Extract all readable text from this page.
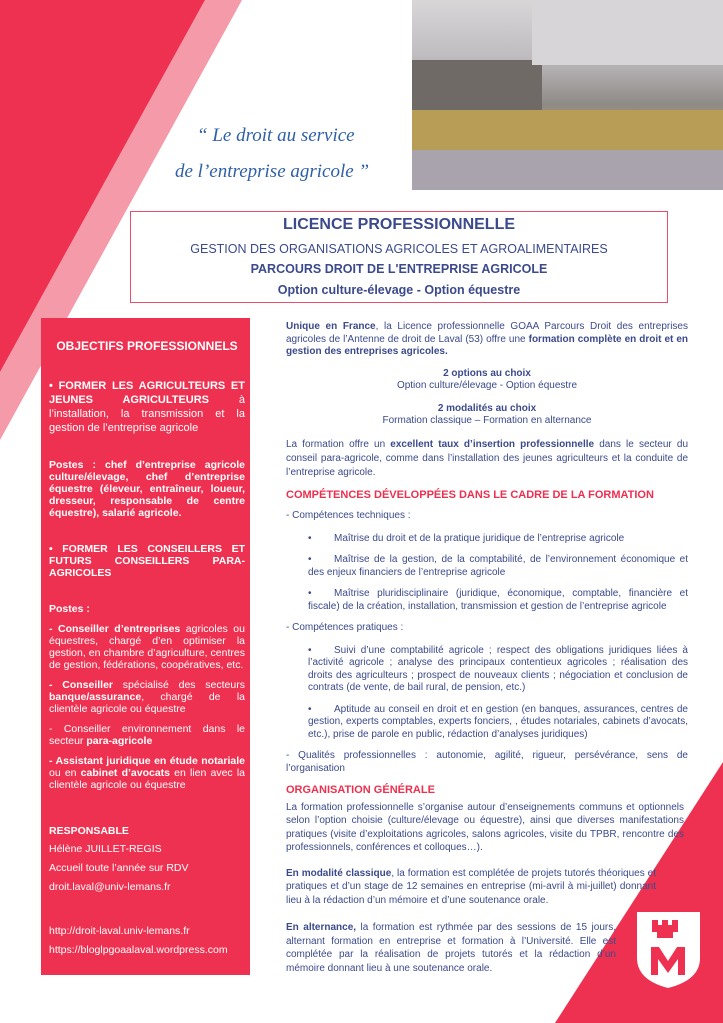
“ Le droit au service
de l’entreprise agricole ”
LICENCE PROFESSIONNELLE
GESTION DES ORGANISATIONS AGRICOLES ET AGROALIMENTAIRES
PARCOURS DROIT DE L'ENTREPRISE AGRICOLE
Option culture-élevage - Option équestre
OBJECTIFS PROFESSIONNELS

• FORMER LES AGRICULTEURS ET JEUNES AGRICULTEURS à l’installation, la transmission et la gestion de l’entreprise agricole

Postes : chef d’entreprise agricole culture/élevage, chef d’entreprise équestre (éleveur, entraîneur, loueur, dresseur, responsable de centre équestre), salarié agricole.

• FORMER LES CONSEILLERS ET FUTURS CONSEILLERS PARA-AGRICOLES

Postes :

- Conseiller d’entreprises agricoles ou équestres, chargé d’en optimiser la gestion, en chambre d’agriculture, centres de gestion, fédérations, coopératives, etc.

- Conseiller spécialisé des secteurs banque/assurance, chargé de la clientèle agricole ou équestre

- Conseiller environnement dans le secteur para-agricole

- Assistant juridique en étude notariale ou en cabinet d’avocats en lien avec la clientèle agricole ou équestre

RESPONSABLE

Hélène JUILLET-REGIS

Accueil toute l’année sur RDV

droit.laval@univ-lemans.fr

http://droit-laval.univ-lemans.fr

https://bloglpgoaalaval.wordpress.com

Unique en France, la Licence professionnelle GOAA Parcours Droit des entreprises agricoles de l’Antenne de droit de Laval (53) offre une formation complète en droit et en gestion des entreprises agricoles.

2 options au choix
Option culture/élevage - Option équestre
2 modalités au choix
Formation classique – Formation en alternance

La formation offre un excellent taux d’insertion professionnelle dans le secteur du conseil para-agricole, comme dans l’installation des jeunes agriculteurs et la conduite de l’entreprise agricole.

COMPÉTENCES DÉVELOPPÉES DANS LE CADRE DE LA FORMATION
- Compétences techniques :
• Maîtrise du droit et de la pratique juridique de l’entreprise agricole
• Maîtrise de la gestion, de la comptabilité, de l’environnement économique et des enjeux financiers de l’entreprise agricole
• Maîtrise pluridisciplinaire (juridique, économique, comptable, financière et fiscale) de la création, installation, transmission et gestion de l’entreprise agricole
- Compétences pratiques :
• Suivi d’une comptabilité agricole ; respect des obligations juridiques liées à l’activité agricole ; analyse des principaux contentieux agricoles ; réalisation des droits des agriculteurs ; prospect de nouveaux clients ; négociation et conclusion de contrats (de vente, de bail rural, de pension, etc.)
• Aptitude au conseil en droit et en gestion (en banques, assurances, centres de gestion, experts comptables, experts fonciers, , études notariales, cabinets d’avocats, etc.), prise de parole en public, rédaction d’analyses juridiques)

- Qualités professionnelles : autonomie, agilité, rigueur, persévérance, sens de l’organisation

ORGANISATION GÉNÉRALE

La formation professionnelle s’organise autour d’enseignements communs et optionnels selon l’option choisie (culture/élevage ou équestre), ainsi que diverses manifestations pratiques (visite d’exploitations agricoles, salons agricoles, visite du TPBR, rencontre des professionnels, conférences et colloques…).

En modalité classique, la formation est complétée de projets tutorés théoriques et pratiques et d’un stage de 12 semaines en entreprise (mi-avril à mi-juillet) donnant lieu à la rédaction d’un mémoire et d’une soutenance orale.

En alternance, la formation est rythmée par des sessions de 15 jours, alternant formation en entreprise et formation à l’Université. Elle est complétée par la réalisation de projets tutorés et la rédaction d’un mémoire donnant lieu à une soutenance orale.
